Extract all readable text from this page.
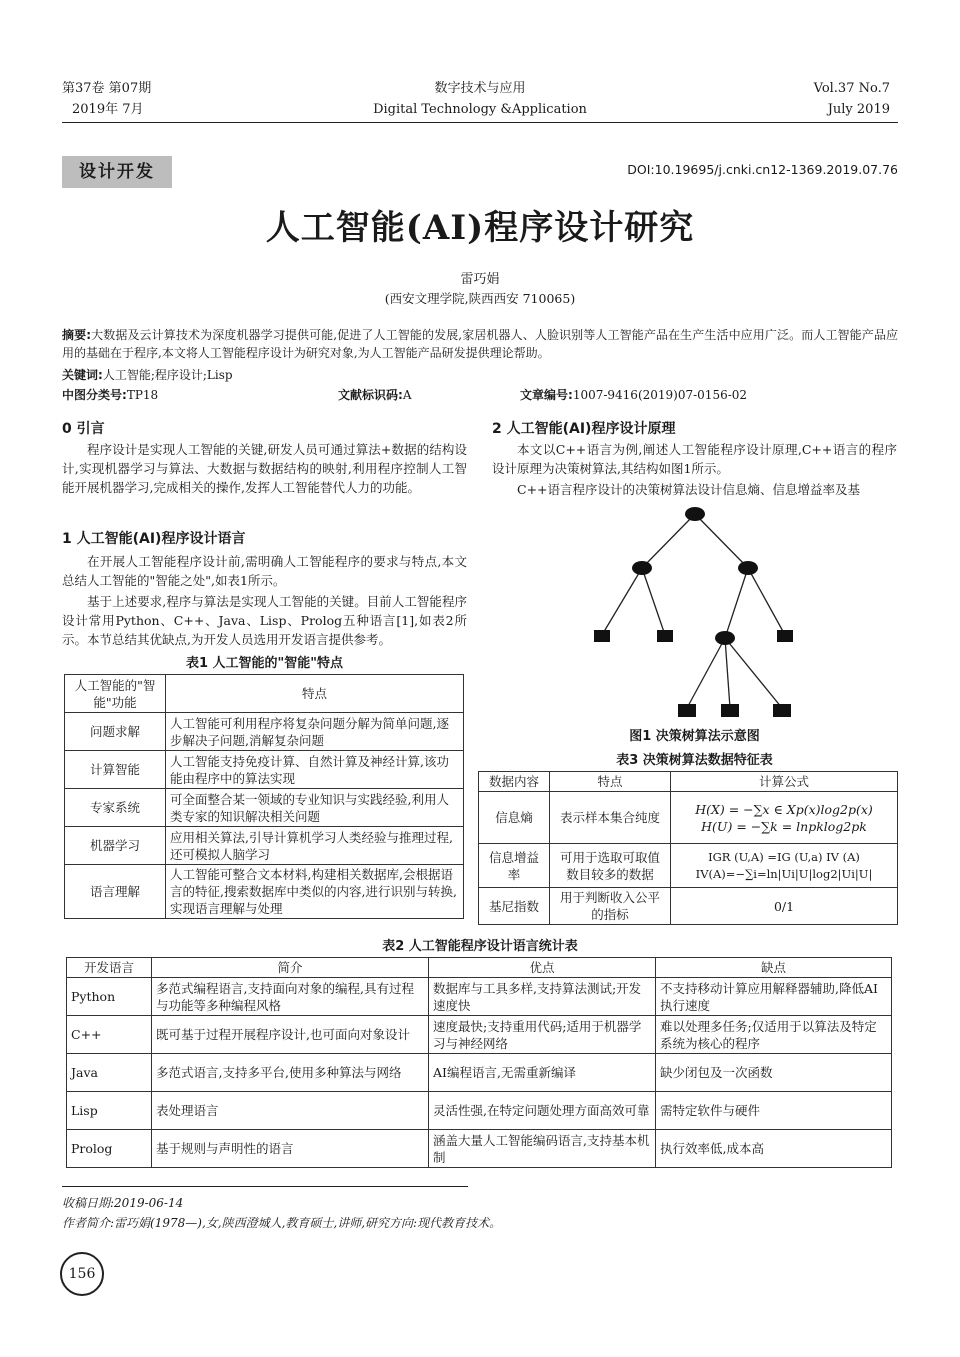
第37卷 第07期
2019年 7月
数字技术与应用
Digital Technology &Application
Vol.37 No.7
July 2019
设计开发	DOI:10.19695/j.cnki.cn12-1369.2019.07.76
人工智能(AI)程序设计研究
雷巧娟
(西安文理学院,陕西西安 710065)
摘要:大数据及云计算技术为深度机器学习提供可能,促进了人工智能的发展,家居机器人、人脸识别等人工智能产品在生产生活中应用广泛。而人工智能产品应用的基础在于程序,本文将人工智能程序设计为研究对象,为人工智能产品研发提供理论帮助。
关键词:人工智能;程序设计;Lisp
中图分类号:TP18	文献标识码:A	文章编号:1007-9416(2019)07-0156-02
0 引言
程序设计是实现人工智能的关键,研发人员可通过算法+数据的结构设计,实现机器学习与算法、大数据与数据结构的映射,利用程序控制人工智能开展机器学习,完成相关的操作,发挥人工智能替代人力的功能。
1 人工智能(AI)程序设计语言
在开展人工智能程序设计前,需明确人工智能程序的要求与特点,本文总结人工智能的"智能之处",如表1所示。
基于上述要求,程序与算法是实现人工智能的关键。目前人工智能程序设计常用Python、C++、Java、Lisp、Prolog五种语言[1],如表2所示。本节总结其优缺点,为开发人员选用开发语言提供参考。
表1 人工智能的"智能"特点
人工智能的"智能"功能	特点
问题求解	人工智能可利用程序将复杂问题分解为简单问题,逐步解决子问题,消解复杂问题
计算智能	人工智能支持免疫计算、自然计算及神经计算,该功能由程序中的算法实现
专家系统	可全面整合某一领域的专业知识与实践经验,利用人类专家的知识解决相关问题
机器学习	应用相关算法,引导计算机学习人类经验与推理过程,还可模拟人脑学习
语言理解	人工智能可整合文本材料,构建相关数据库,会根据语言的特征,搜索数据库中类似的内容,进行识别与转换,实现语言理解与处理
2 人工智能(AI)程序设计原理
本文以C++语言为例,阐述人工智能程序设计原理,C++语言的程序设计原理为决策树算法,其结构如图1所示。
C++语言程序设计的决策树算法设计信息熵、信息增益率及基
图1 决策树算法示意图
表3 决策树算法数据特征表
数据内容	特点	计算公式
信息熵	表示样本集合纯度	H(X) = −∑x ∈ Xp(x)log2p(x)
H(U) = −∑k = lnpklog2pk

信息增益率	可用于选取可取值数目较多的数据	IGR (U,A) =IG (U,a) IV (A)
IV(A)=−∑i=ln|Ui|U|log2|Ui|U|

基尼指数	用于判断收入公平的指标	0/1
表2 人工智能程序设计语言统计表
开发语言	简介	优点	缺点
Python	多范式编程语言,支持面向对象的编程,具有过程与功能等多种编程风格	数据库与工具多样,支持算法测试;开发速度快	不支持移动计算应用解释器辅助,降低AI执行速度
C++	既可基于过程开展程序设计,也可面向对象设计	速度最快;支持重用代码;适用于机器学习与神经网络	难以处理多任务;仅适用于以算法及特定系统为核心的程序
Java	多范式语言,支持多平台,使用多种算法与网络	AI编程语言,无需重新编译	缺少闭包及一次函数
Lisp	表处理语言	灵活性强,在特定问题处理方面高效可靠	需特定软件与硬件
Prolog	基于规则与声明性的语言	涵盖大量人工智能编码语言,支持基本机制	执行效率低,成本高
收稿日期:2019-06-14
作者简介:雷巧娟(1978—),女,陕西澄城人,教育硕士,讲师,研究方向:现代教育技术。
156
